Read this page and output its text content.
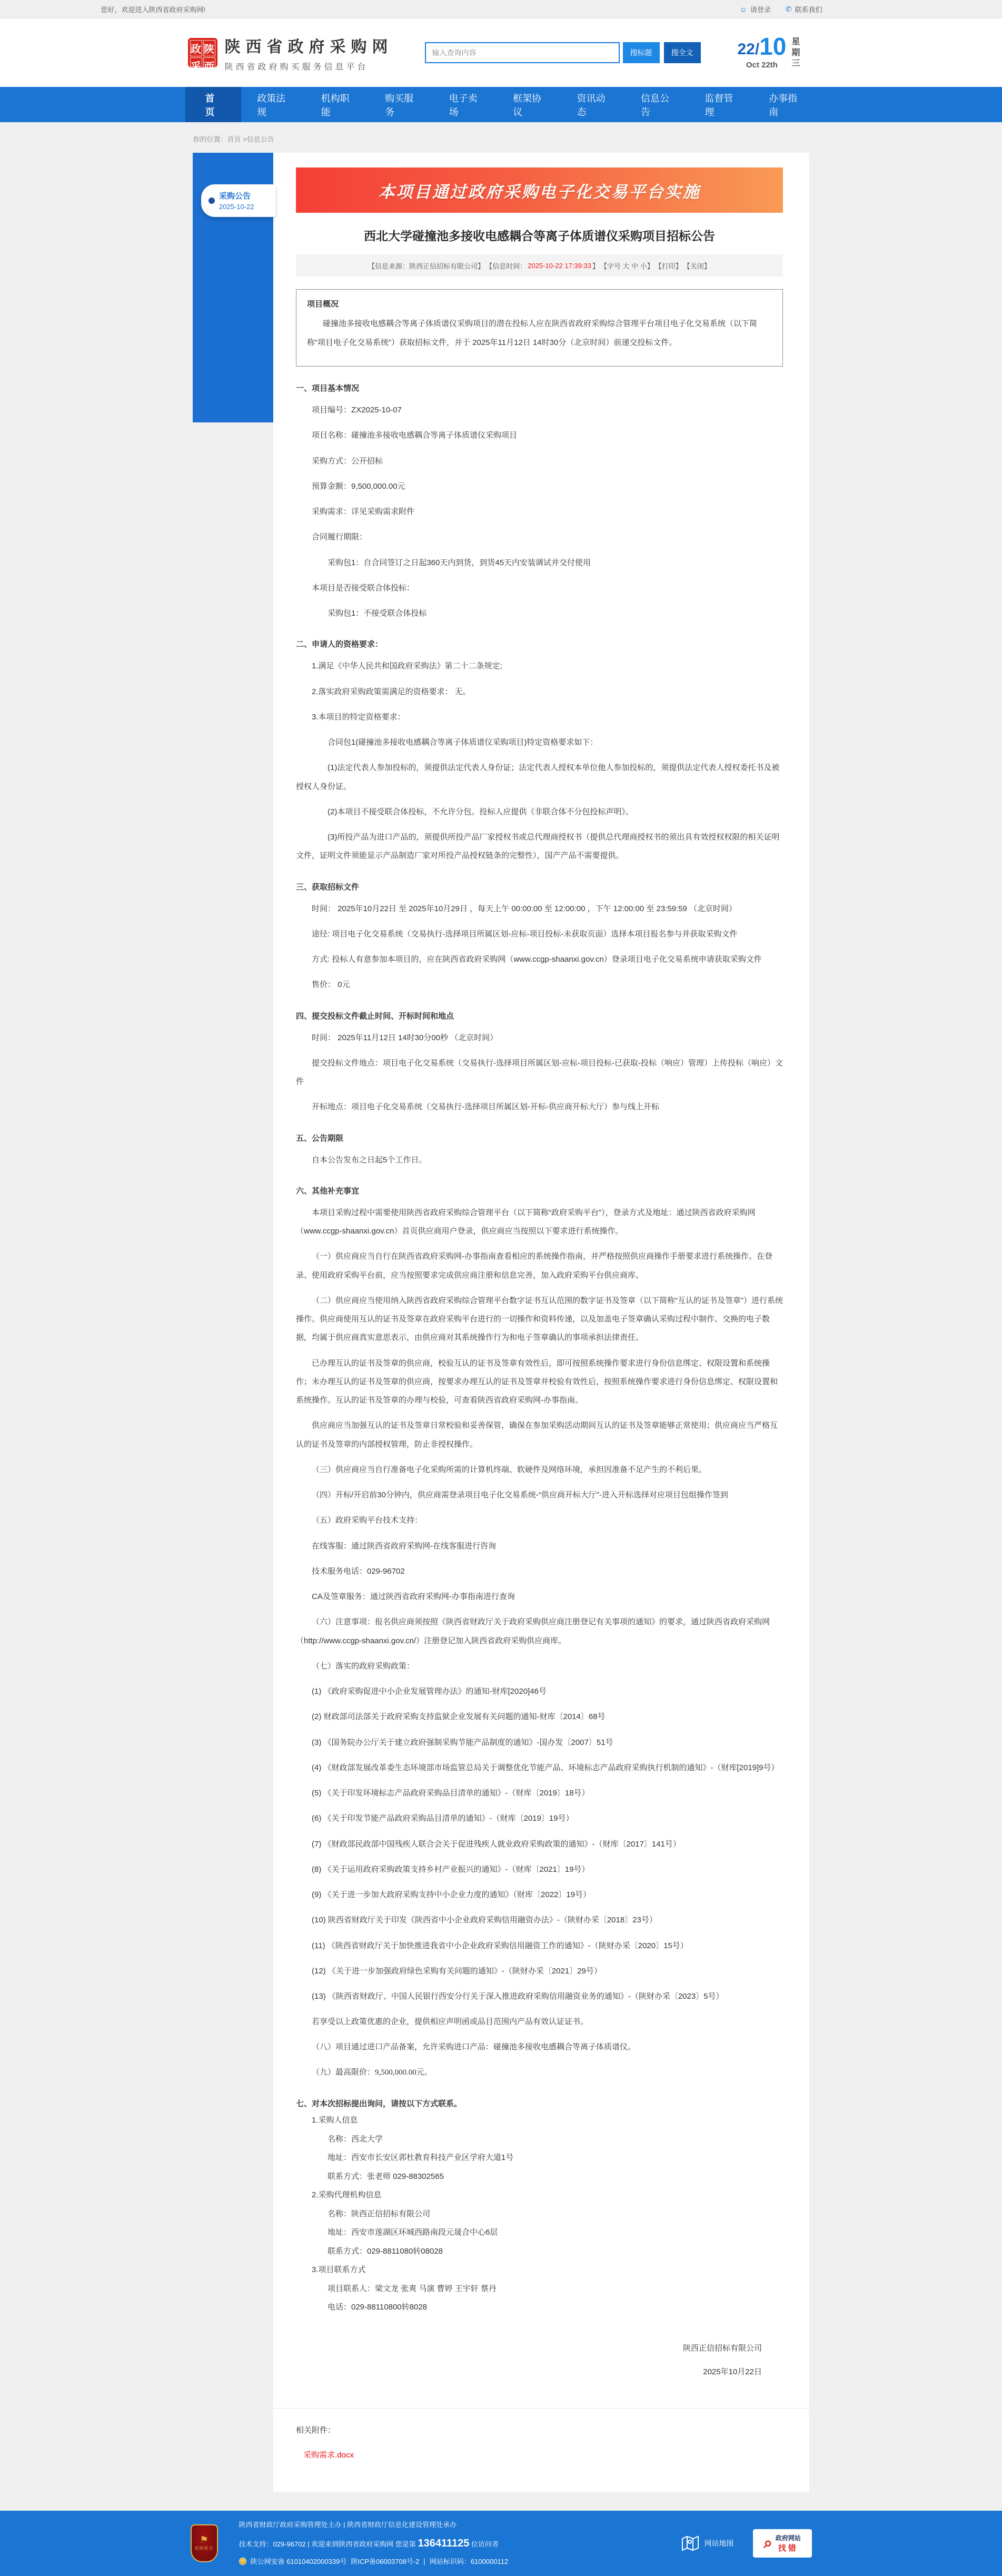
您好，欢迎进入陕西省政府采购网!	☺ 请登录 ✆ 联系我们
政 陕
采 西
陕西省政府采购网
陕西省政府购买服务信息平台
输入查询内容
搜标题	搜全文	22 / 10
Oct 22th
星
期
三
首页
政策法规
机构职能
购买服务
电子卖场
框架协议
资讯动态
信息公告
监督管理
办事指南
你的位置：首页 >信息公告
采购公告
2025-10-22
本项目通过政府采购电子化交易平台实施
西北大学碰撞池多接收电感耦合等离子体质谱仪采购项目招标公告
【信息来源：陕西正信招标有限公司】 【信息时间： 2025-10-22 17:39:33 】 【字号 大 中 小】 【打印】 【关闭】
项目概况
碰撞池多接收电感耦合等离子体质谱仪采购项目的潜在投标人应在陕西省政府采购综合管理平台项目电子化交易系统（以下简称“项目电子化交易系统”）获取招标文件，并于 2025年11月12日 14时30分（北京时间）前递交投标文件。
一、项目基本情况

项目编号：ZX2025-10-07

项目名称：碰撞池多接收电感耦合等离子体质谱仪采购项目

采购方式：公开招标

预算金额：9,500,000.00元

采购需求：详见采购需求附件

合同履行期限：

采购包1：自合同签订之日起360天内到货，到货45天内安装调试并交付使用

本项目是否接受联合体投标：

采购包1：不接受联合体投标

二、申请人的资格要求：

1.满足《中华人民共和国政府采购法》第二十二条规定;

2.落实政府采购政策需满足的资格要求： 无。

3.本项目的特定资格要求：

合同包1(碰撞池多接收电感耦合等离子体质谱仪采购项目)特定资格要求如下：

(1)法定代表人参加投标的，须提供法定代表人身份证；法定代表人授权本单位他人参加投标的，须提供法定代表人授权委托书及被授权人身份证。

(2)本项目不接受联合体投标，不允许分包。投标人应提供《非联合体不分包投标声明》。

(3)所投产品为进口产品的，须提供所投产品厂家授权书或总代理商授权书（提供总代理商授权书的须出具有效授权权限的相关证明文件，证明文件须能显示产品制造厂家对所投产品授权链条的完整性），国产产品不需要提供。

三、获取招标文件

时间： 2025年10月22日 至 2025年10月29日 ，每天上午 00:00:00 至 12:00:00 ，下午 12:00:00 至 23:59:59 （北京时间）

途径: 项目电子化交易系统（交易执行-选择项目所属区划-应标-项目投标-未获取页面）选择本项目报名参与并获取采购文件

方式: 投标人有意参加本项目的，应在陕西省政府采购网（www.ccgp-shaanxi.gov.cn）登录项目电子化交易系统申请获取采购文件

售价： 0元

四、提交投标文件截止时间、开标时间和地点

时间： 2025年11月12日 14时30分00秒 （北京时间）

提交投标文件地点：项目电子化交易系统（交易执行-选择项目所属区划-应标-项目投标-已获取-投标（响应）管理）上传投标（响应）文件

开标地点：项目电子化交易系统（交易执行-选择项目所属区划-开标-供应商开标大厅）参与线上开标

五、公告期限

自本公告发布之日起5个工作日。

六、其他补充事宜

本项目采购过程中需要使用陕西省政府采购综合管理平台（以下简称“政府采购平台”），登录方式及地址：通过陕西省政府采购网（www.ccgp-shaanxi.gov.cn）首页供应商用户登录，供应商应当按照以下要求进行系统操作。

（一）供应商应当自行在陕西省政府采购网-办事指南查看相应的系统操作指南，并严格按照供应商操作手册要求进行系统操作。在登录、使用政府采购平台前，应当按照要求完成供应商注册和信息完善，加入政府采购平台供应商库。

（二）供应商应当使用纳入陕西省政府采购综合管理平台数字证书互认范围的数字证书及签章（以下简称“互认的证书及签章”）进行系统操作。供应商使用互认的证书及签章在政府采购平台进行的一切操作和资料传递，以及加盖电子签章确认采购过程中制作、交换的电子数据，均属于供应商真实意思表示，由供应商对其系统操作行为和电子签章确认的事项承担法律责任。

已办理互认的证书及签章的供应商，校验互认的证书及签章有效性后，即可按照系统操作要求进行身份信息绑定、权限设置和系统操作；未办理互认的证书及签章的供应商，按要求办理互认的证书及签章并校验有效性后，按照系统操作要求进行身份信息绑定、权限设置和系统操作。互认的证书及签章的办理与校验，可查看陕西省政府采购网-办事指南。

供应商应当加强互认的证书及签章日常校验和妥善保管，确保在参加采购活动期间互认的证书及签章能够正常使用；供应商应当严格互认的证书及签章的内部授权管理，防止非授权操作。

（三）供应商应当自行准备电子化采购所需的计算机终端、软硬件及网络环境，承担因准备不足产生的不利后果。

（四）开标/开启前30分钟内，供应商需登录项目电子化交易系统-“供应商开标大厅”-进入开标选择对应项目包组操作签到

（五）政府采购平台技术支持：

在线客服：通过陕西省政府采购网-在线客服进行咨询

技术服务电话：029-96702

CA及签章服务：通过陕西省政府采购网-办事指南进行查询

（六）注意事项：报名供应商须按照《陕西省财政厅关于政府采购供应商注册登记有关事项的通知》的要求，通过陕西省政府采购网（http://www.ccgp-shaanxi.gov.cn/）注册登记加入陕西省政府采购供应商库。

（七）落实的政府采购政策：

(1) 《政府采购促进中小企业发展管理办法》的通知-财库[2020]46号

(2) 财政部司法部关于政府采购支持监狱企业发展有关问题的通知-财库〔2014〕68号

(3) 《国务院办公厅关于建立政府强制采购节能产品制度的通知》-国办发〔2007〕51号

(4) 《财政部发展改革委生态环境部市场监管总局关于调整优化节能产品、环境标志产品政府采购执行机制的通知》-（财库[2019]9号）

(5) 《关于印发环境标志产品政府采购品目清单的通知》-（财库〔2019〕18号）

(6) 《关于印发节能产品政府采购品目清单的通知》-（财库〔2019〕19号）

(7) 《财政部民政部中国残疾人联合会关于促进残疾人就业政府采购政策的通知》-（财库〔2017〕141号）

(8) 《关于运用政府采购政策支持乡村产业振兴的通知》-（财库〔2021〕19号）

(9) 《关于进一步加大政府采购支持中小企业力度的通知》（财库〔2022〕19号）

(10) 陕西省财政厅关于印发《陕西省中小企业政府采购信用融资办法》-（陕财办采〔2018〕23号）

(11) 《陕西省财政厅关于加快推进我省中小企业政府采购信用融资工作的通知》-（陕财办采〔2020〕15号）

(12) 《关于进一步加强政府绿色采购有关问题的通知》-（陕财办采〔2021〕29号）

(13) 《陕西省财政厅、中国人民银行西安分行关于深入推进政府采购信用融资业务的通知》-（陕财办采〔2023〕5号）

若享受以上政策优惠的企业，提供相应声明函或品目范围内产品有效认证证书。

（八）项目通过进口产品备案，允许采购进口产品：碰撞池多接收电感耦合等离子体质谱仪。

（九）最高限价：9,500,000.00元。

七、对本次招标提出询问，请按以下方式联系。

1.采购人信息

名称：西北大学

地址：西安市长安区郭杜教育科技产业区学府大道1号

联系方式：张老师 029-88302565

2.采购代理机构信息

名称：陕西正信招标有限公司

地址：西安市莲湖区环城西路南段元晟合中心6层

联系方式：029-8811080转08028

3.项目联系方式

项目联系人：梁文龙 张爽 马演 曹婷 王宇轩 蔡丹

电话：029-88110800转8028

陕西正信招标有限公司
2025年10月22日
相关附件：
采购需求.docx
⚑
党政机关
陕西省财政厅政府采购管理处主办 | 陕西省财政厅信息化建设管理处承办
技术支持：029-96702 | 欢迎来到陕西省政府采购网 您是第 136411125 位访问者
陕公网安备 61010402000339号 陕ICP备06003708号-2 | 网站标识码：6100000112
网站地图 ⌕ 政府网站
找错
